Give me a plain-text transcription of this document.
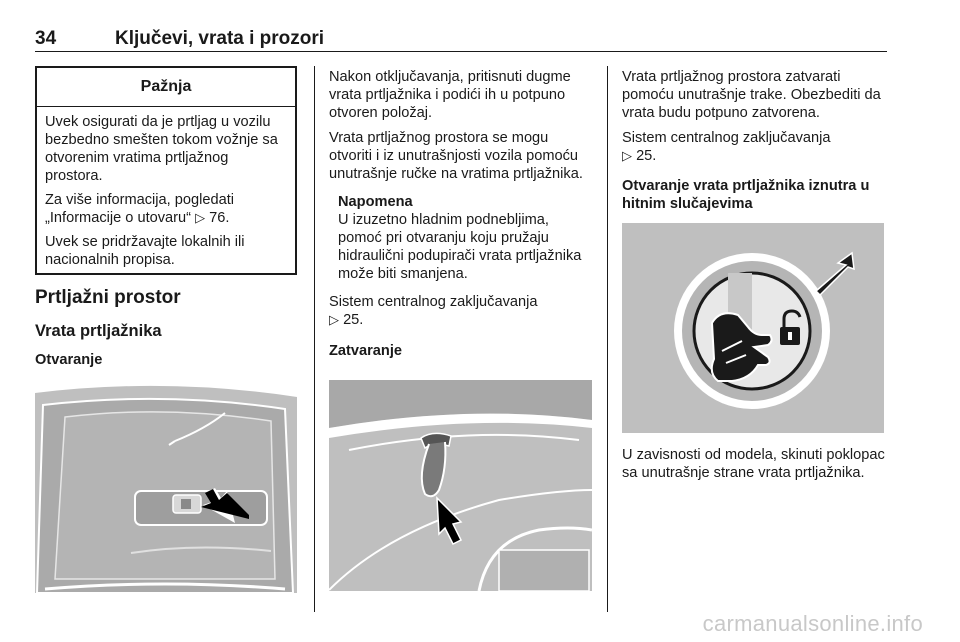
34	Ključevi, vrata i prozori
Pažnja

Uvek osigurati da je prtljag u vozilu bezbedno smešten tokom vožnje sa otvorenim vratima prtljažnog prostora.

Za više informacija, pogledati „Informacije o utovaru“ ▷ 76.

Uvek se pridržavajte lokalnih ili nacionalnih propisa.

Prtljažni prostor
Vrata prtljažnika
Otvaranje

Nakon otključavanja, pritisnuti dugme vrata prtljažnika i podići ih u potpuno otvoren položaj.

Vrata prtljažnog prostora se mogu otvoriti i iz unutrašnjosti vozila pomoću unutrašnje ručke na vratima prtljažnika.

Napomena

U izuzetno hladnim podnebljima, pomoć pri otvaranju koju pružaju hidraulični podupirači vrata prtljažnika može biti smanjena.

Sistem centralnog zaključavanja
▷ 25.

Zatvaranje

Vrata prtljažnog prostora zatvarati pomoću unutrašnje trake. Obezbediti da vrata budu potpuno zatvorena.

Sistem centralnog zaključavanja
▷ 25.

Otvaranje vrata prtljažnika iznutra u hitnim slučajevima

U zavisnosti od modela, skinuti poklopac sa unutrašnje strane vrata prtljažnika.

carmanualsonline.info
